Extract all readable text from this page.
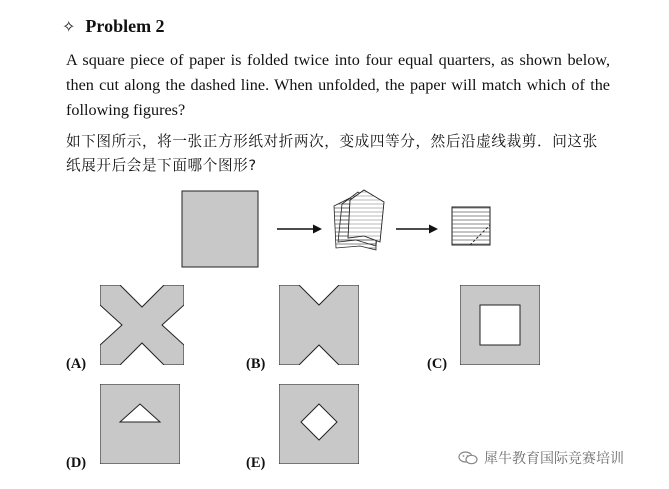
✧ Problem 2
A square piece of paper is folded twice into four equal quarters, as shown below, then cut along the dashed line. When unfolded, the paper will match which of the following figures?
如下图所示，将一张正方形纸对折两次，变成四等分，然后沿虚线裁剪．问这张纸展开后会是下面哪个图形?
(A)	(B)	(C)
(D)	(E)	犀牛教育国际竞赛培训
